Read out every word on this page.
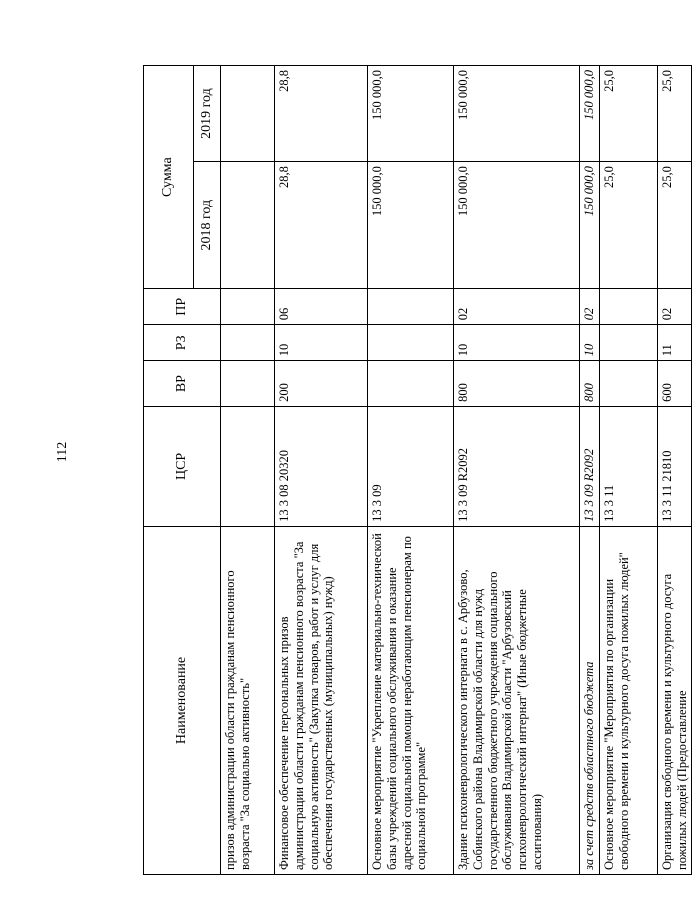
112
Наименование	ЦСР	ВР	РЗ	ПР	Сумма	
					2018 год	2019 год
призов администрации области гражданам пенсионного возраста "За социально активность"						
Финансовое обеспечение персональных призов администрации области гражданам пенсионного возраста "За социальную активность" (Закупка товаров, работ и услуг для обеспечения государственных (муниципальных) нужд)	13 3 08 20320	200	10	06	28,8	28,8
Основное мероприятие "Укрепление материально-технической базы учреждений социального обслуживания и оказание адресной социальной помощи неработающим пенсионерам по социальной программе"	13 3 09				150 000,0	150 000,0
Здание психоневрологического интерната в с. Арбузово, Собинского района Владимирской области для нужд государственного бюджетного учреждения социального обслуживания Владимирской области "Арбузовский психоневрологический интернат" (Иные бюджетные ассигнования)	13 3 09 R2092	800	10	02	150 000,0	150 000,0
за счет средств областного бюджета	13 3 09 R2092	800	10	02	150 000,0	150 000,0
Основное мероприятие "Мероприятия по организации свободного времени и культурного досуга пожилых людей"	13 3 11				25,0	25,0
Организация свободного времени и культурного досуга пожилых людей (Предоставление	13 3 11 21810	600	11	02	25,0	25,0
